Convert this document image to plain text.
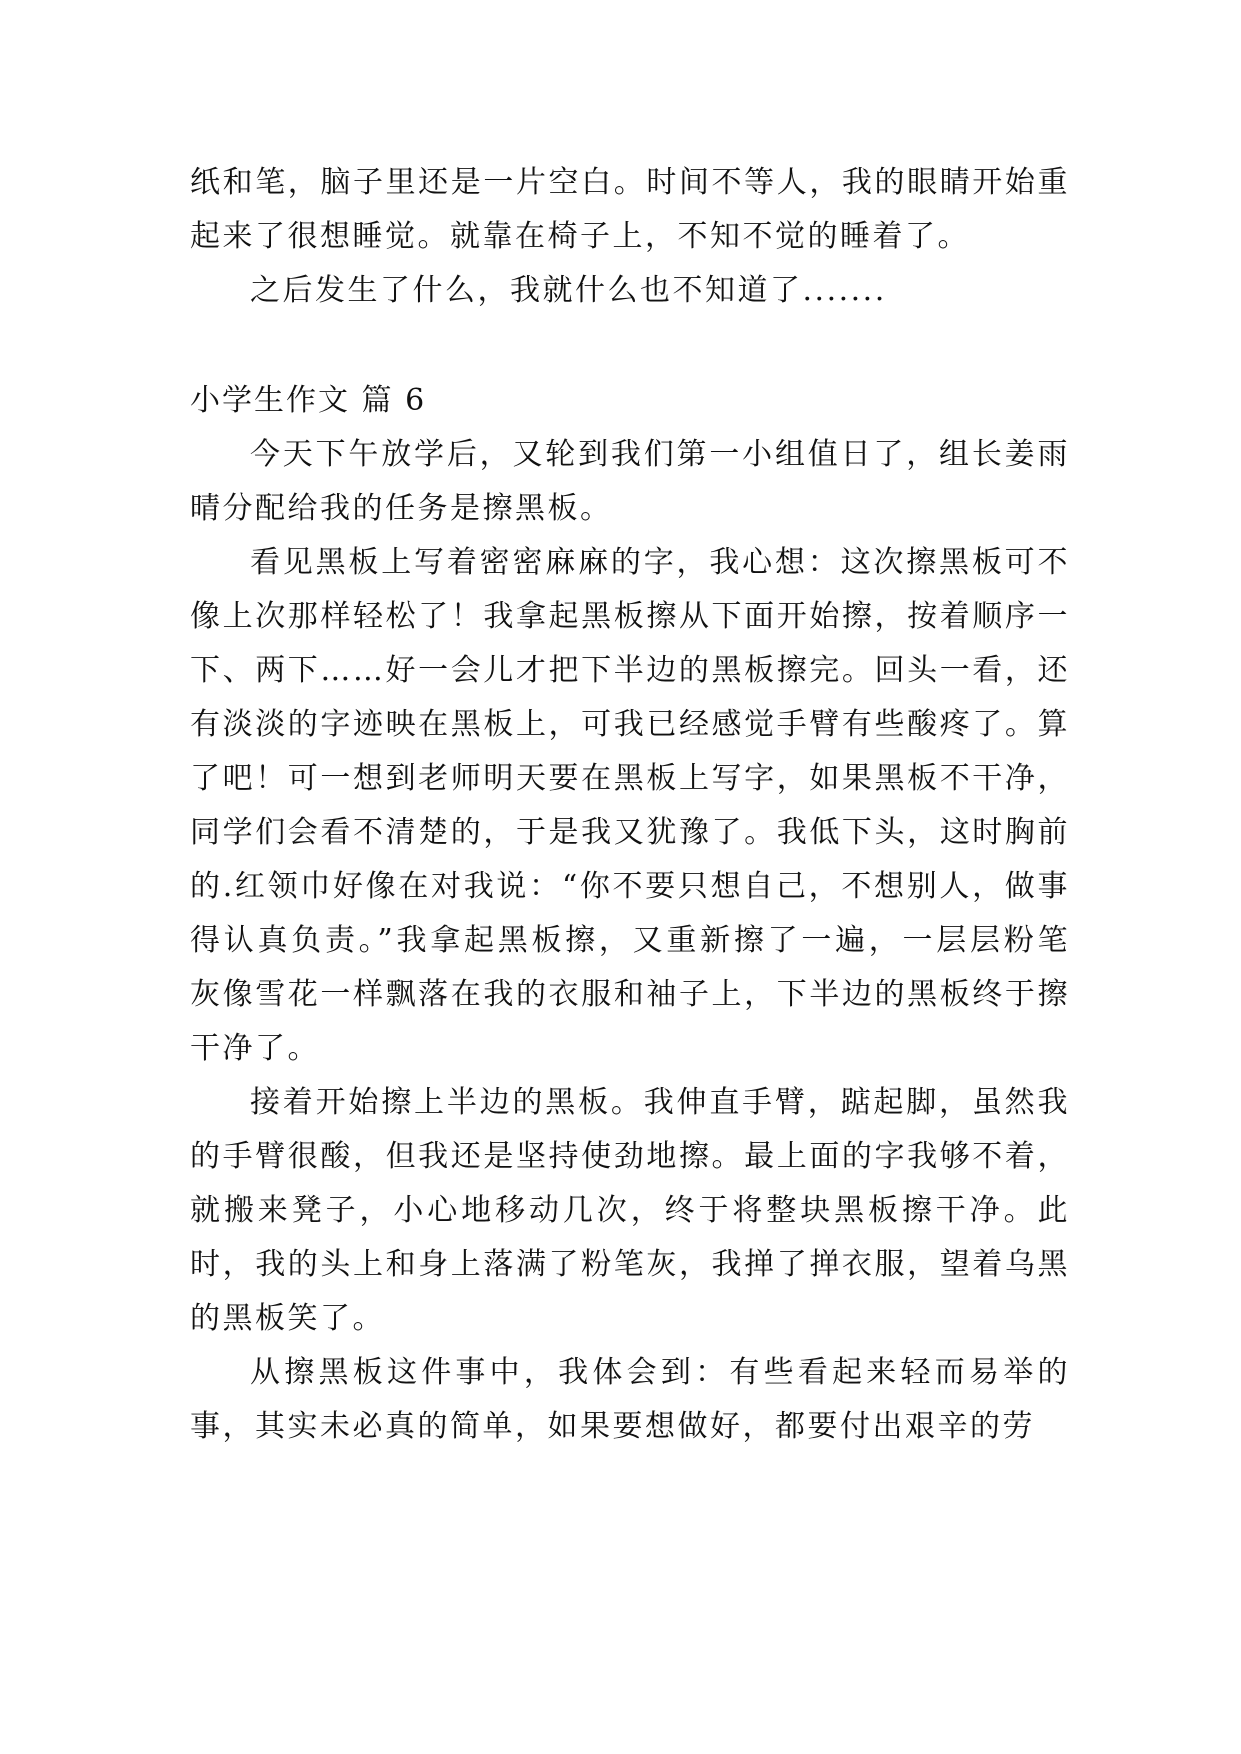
纸和笔，脑子里还是一片空白。时间不等人，我的眼睛开始重起来了很想睡觉。就靠在椅子上，不知不觉的睡着了。

之后发生了什么，我就什么也不知道了.......

小学生作文 篇 6

今天下午放学后，又轮到我们第一小组值日了，组长姜雨晴分配给我的任务是擦黑板。

看见黑板上写着密密麻麻的字，我心想：这次擦黑板可不像上次那样轻松了！我拿起黑板擦从下面开始擦，按着顺序一下、两下……好一会儿才把下半边的黑板擦完。回头一看，还有淡淡的字迹映在黑板上，可我已经感觉手臂有些酸疼了。算了吧！可一想到老师明天要在黑板上写字，如果黑板不干净，同学们会看不清楚的，于是我又犹豫了。我低下头，这时胸前的.红领巾好像在对我说：“你不要只想自己，不想别人，做事得认真负责。”我拿起黑板擦，又重新擦了一遍，一层层粉笔灰像雪花一样飘落在我的衣服和袖子上，下半边的黑板终于擦干净了。

接着开始擦上半边的黑板。我伸直手臂，踮起脚，虽然我的手臂很酸，但我还是坚持使劲地擦。最上面的字我够不着，就搬来凳子，小心地移动几次，终于将整块黑板擦干净。此时，我的头上和身上落满了粉笔灰，我掸了掸衣服，望着乌黑的黑板笑了。

从擦黑板这件事中，我体会到：有些看起来轻而易举的事，其实未必真的简单，如果要想做好，都要付出艰辛的劳
